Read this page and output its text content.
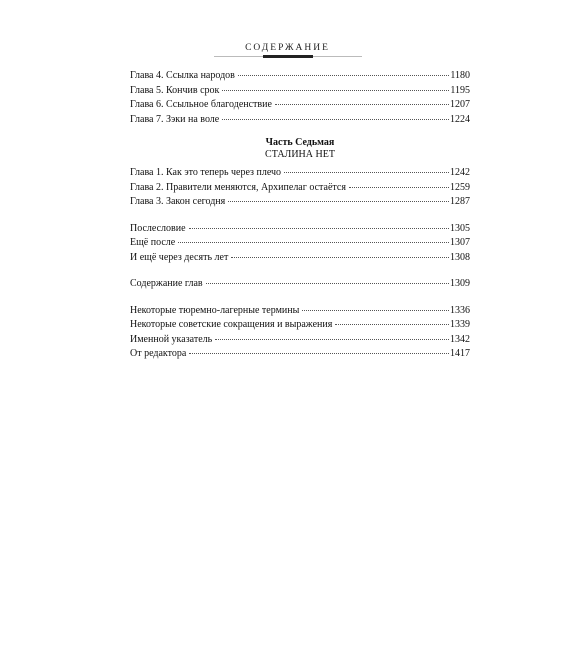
СОДЕРЖАНИЕ
Глава 4. Ссылка народов	1180
Глава 5. Кончив срок	1195
Глава 6. Ссыльное благоденствие	1207
Глава 7. Зэки на воле	1224
Часть Седьмая
СТАЛИНА НЕТ
Глава 1. Как это теперь через плечо	1242
Глава 2. Правители меняются, Архипелаг остаётся	1259
Глава 3. Закон сегодня	1287
Послесловие	1305
Ещё после	1307
И ещё через десять лет	1308
Содержание глав	1309
Некоторые тюремно-лагерные термины	1336
Некоторые советские сокращения и выражения	1339
Именной указатель	1342
От редактора	1417
